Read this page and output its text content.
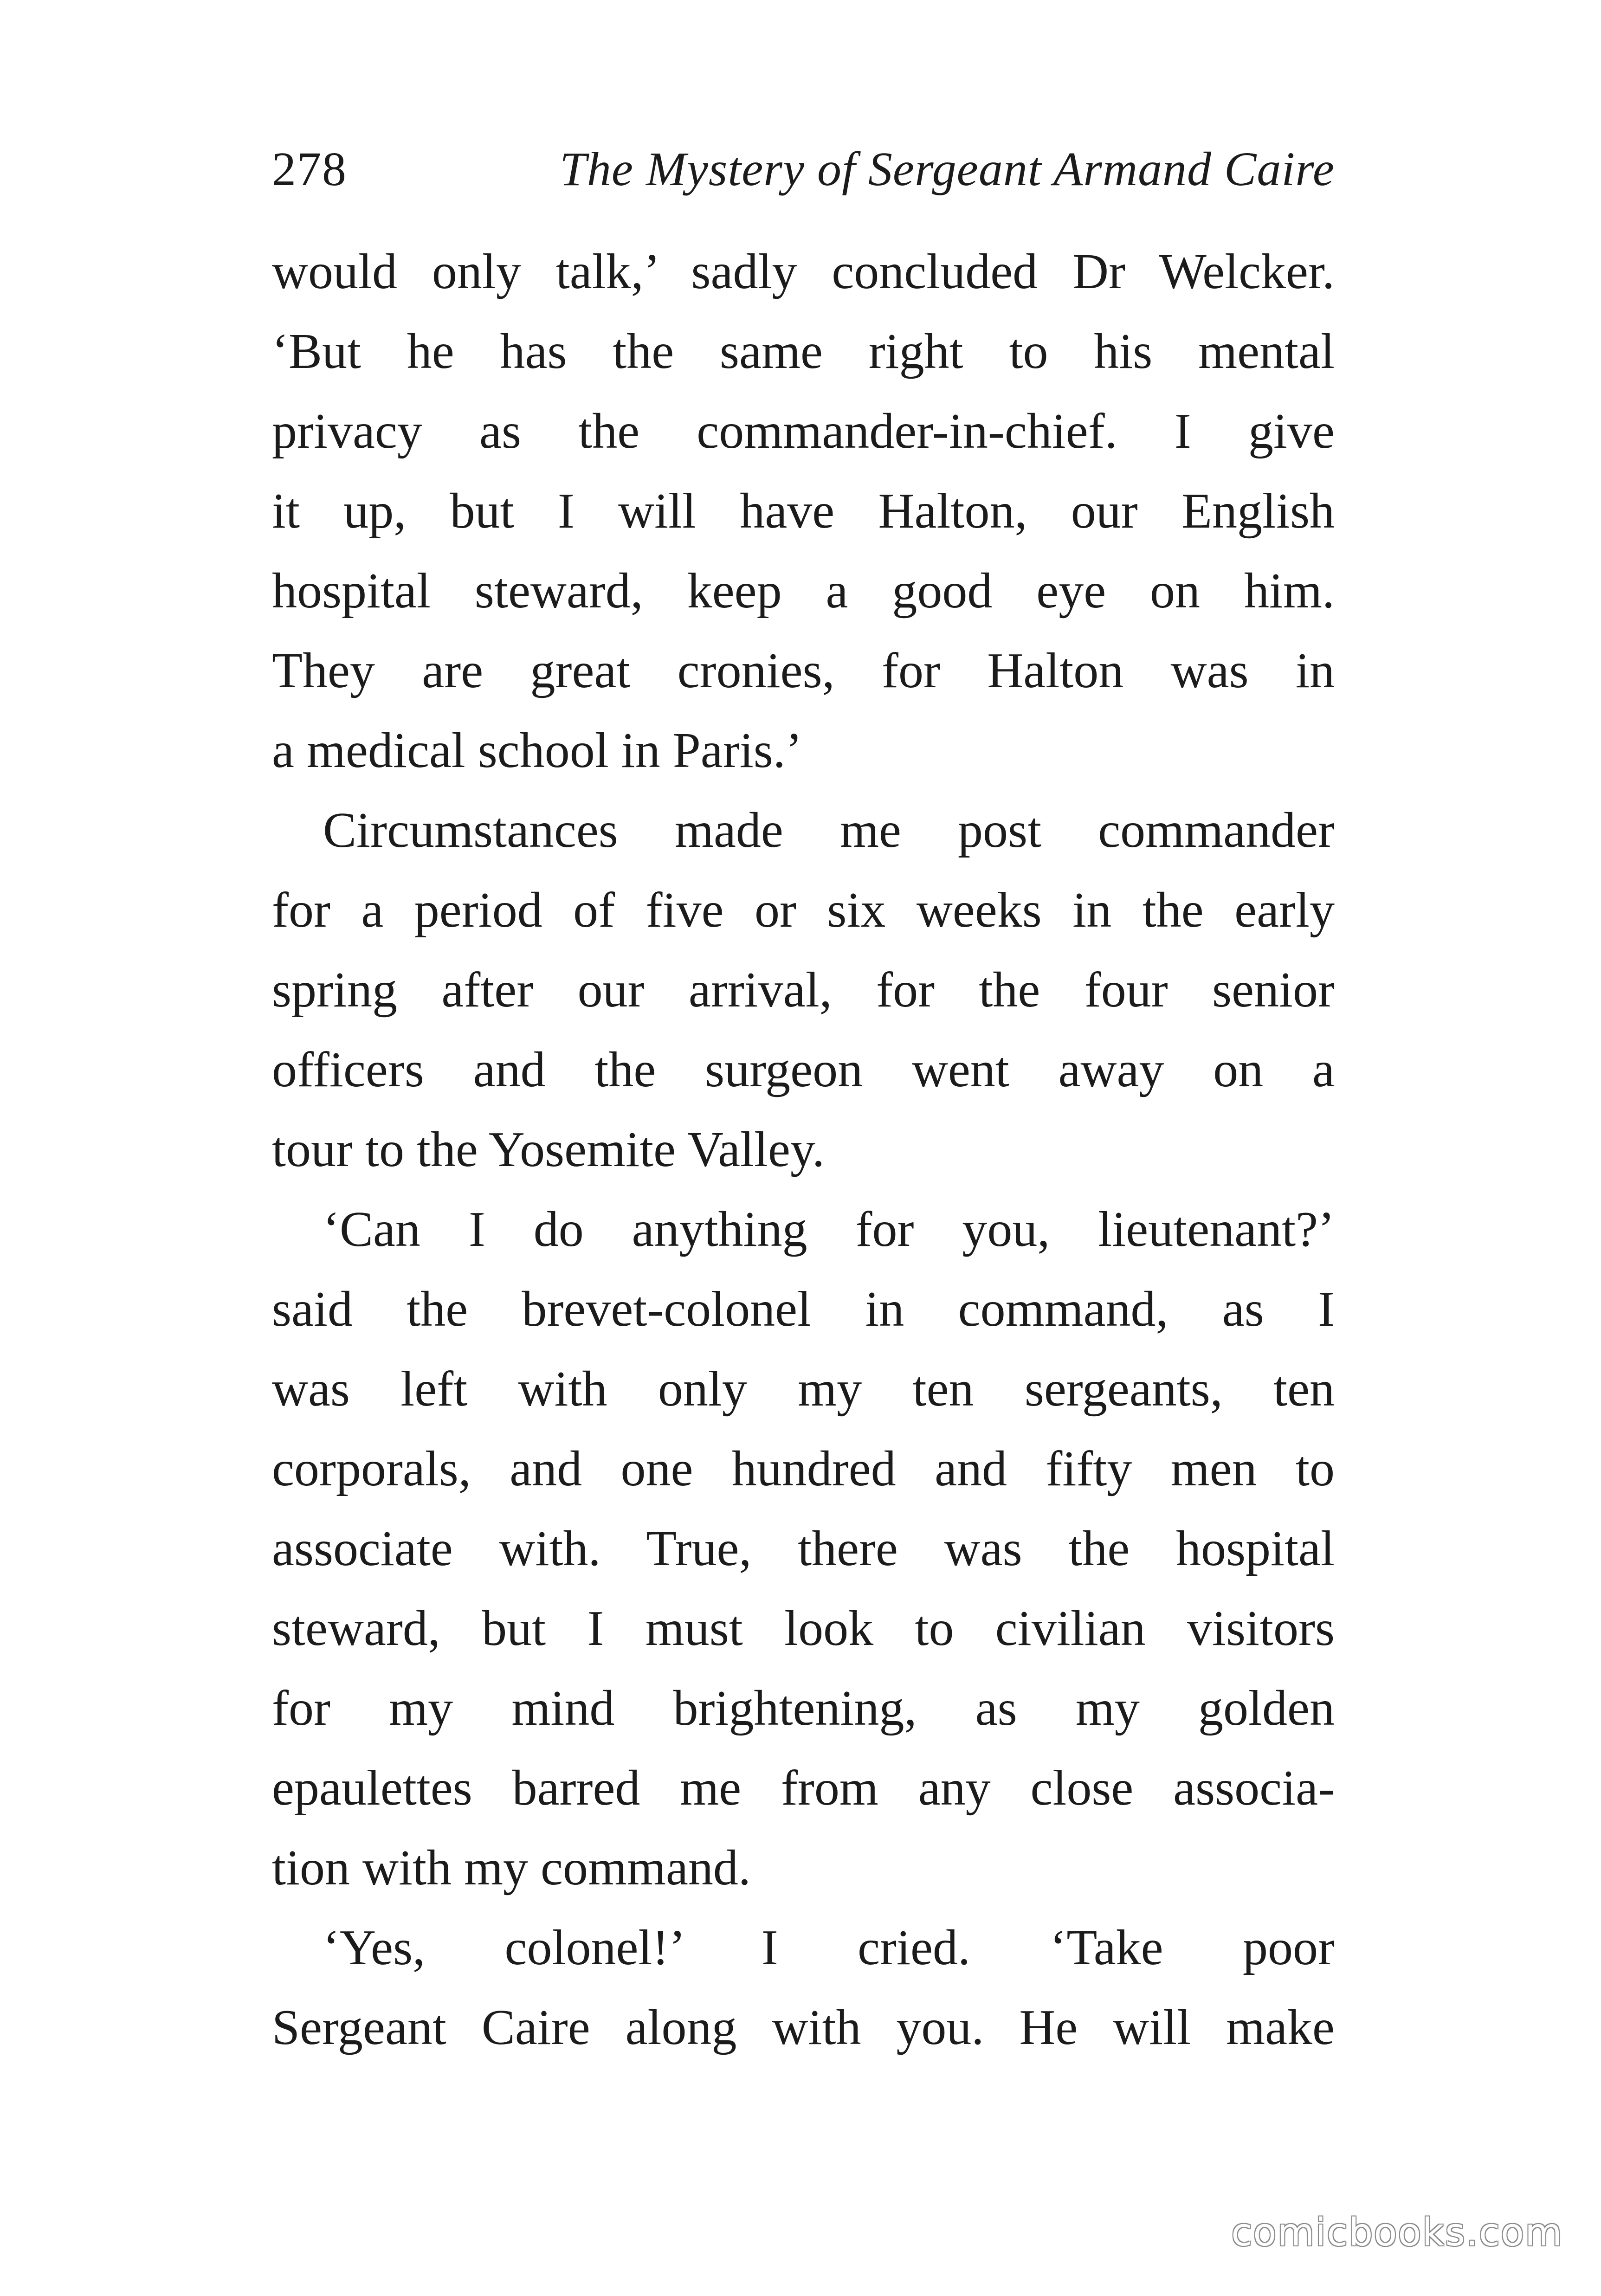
278	The Mystery of Sergeant Armand Caire
would only talk,’ sadly concluded Dr Welcker.
‘But he has the same right to his mental
privacy as the commander-in-chief. I give
it up, but I will have Halton, our English
hospital steward, keep a good eye on him.
They are great cronies, for Halton was in
a medical school in Paris.’
Circumstances made me post commander
for a period of five or six weeks in the early
spring after our arrival, for the four senior
officers and the surgeon went away on a
tour to the Yosemite Valley.
‘Can I do anything for you, lieutenant?’
said the brevet-colonel in command, as I
was left with only my ten sergeants, ten
corporals, and one hundred and fifty men to
associate with. True, there was the hospital
steward, but I must look to civilian visitors
for my mind brightening, as my golden
epaulettes barred me from any close associa-
tion with my command.
‘Yes, colonel!’ I cried. ‘Take poor
Sergeant Caire along with you. He will make
comicbooks.com
